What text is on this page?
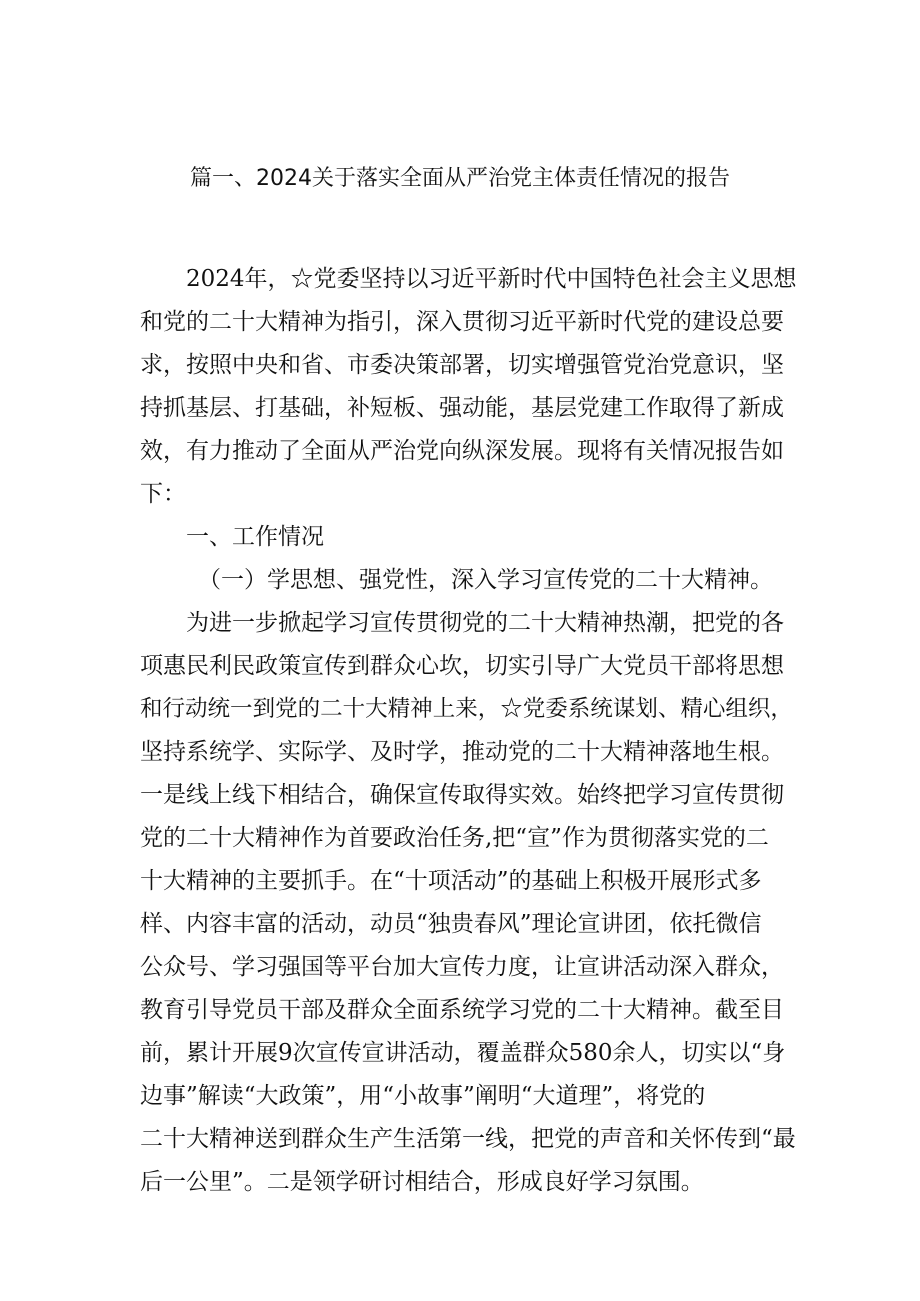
篇一、2024关于落实全面从严治党主体责任情况的报告
2024年，☆党委坚持以习近平新时代中国特色社会主义思想
和党的二十大精神为指引，深入贯彻习近平新时代党的建设总要
求，按照中央和省、市委决策部署，切实增强管党治党意识，坚
持抓基层、打基础，补短板、强动能，基层党建工作取得了新成
效，有力推动了全面从严治党向纵深发展。现将有关情况报告如
下：
一、工作情况
（一）学思想、强党性，深入学习宣传党的二十大精神。
为进一步掀起学习宣传贯彻党的二十大精神热潮，把党的各
项惠民利民政策宣传到群众心坎，切实引导广大党员干部将思想
和行动统一到党的二十大精神上来，☆党委系统谋划、精心组织，
坚持系统学、实际学、及时学，推动党的二十大精神落地生根。
一是线上线下相结合，确保宣传取得实效。始终把学习宣传贯彻
党的二十大精神作为首要政治任务,把“宣”作为贯彻落实党的二
十大精神的主要抓手。在“十项活动”的基础上积极开展形式多
样、内容丰富的活动，动员“独贵春风”理论宣讲团，依托微信
公众号、学习强国等平台加大宣传力度，让宣讲活动深入群众，
教育引导党员干部及群众全面系统学习党的二十大精神。截至目
前，累计开展9次宣传宣讲活动，覆盖群众580余人，切实以“身
边事”解读“大政策”，用“小故事”阐明“大道理”，将党的
二十大精神送到群众生产生活第一线，把党的声音和关怀传到“最
后一公里”。二是领学研讨相结合，形成良好学习氛围。
